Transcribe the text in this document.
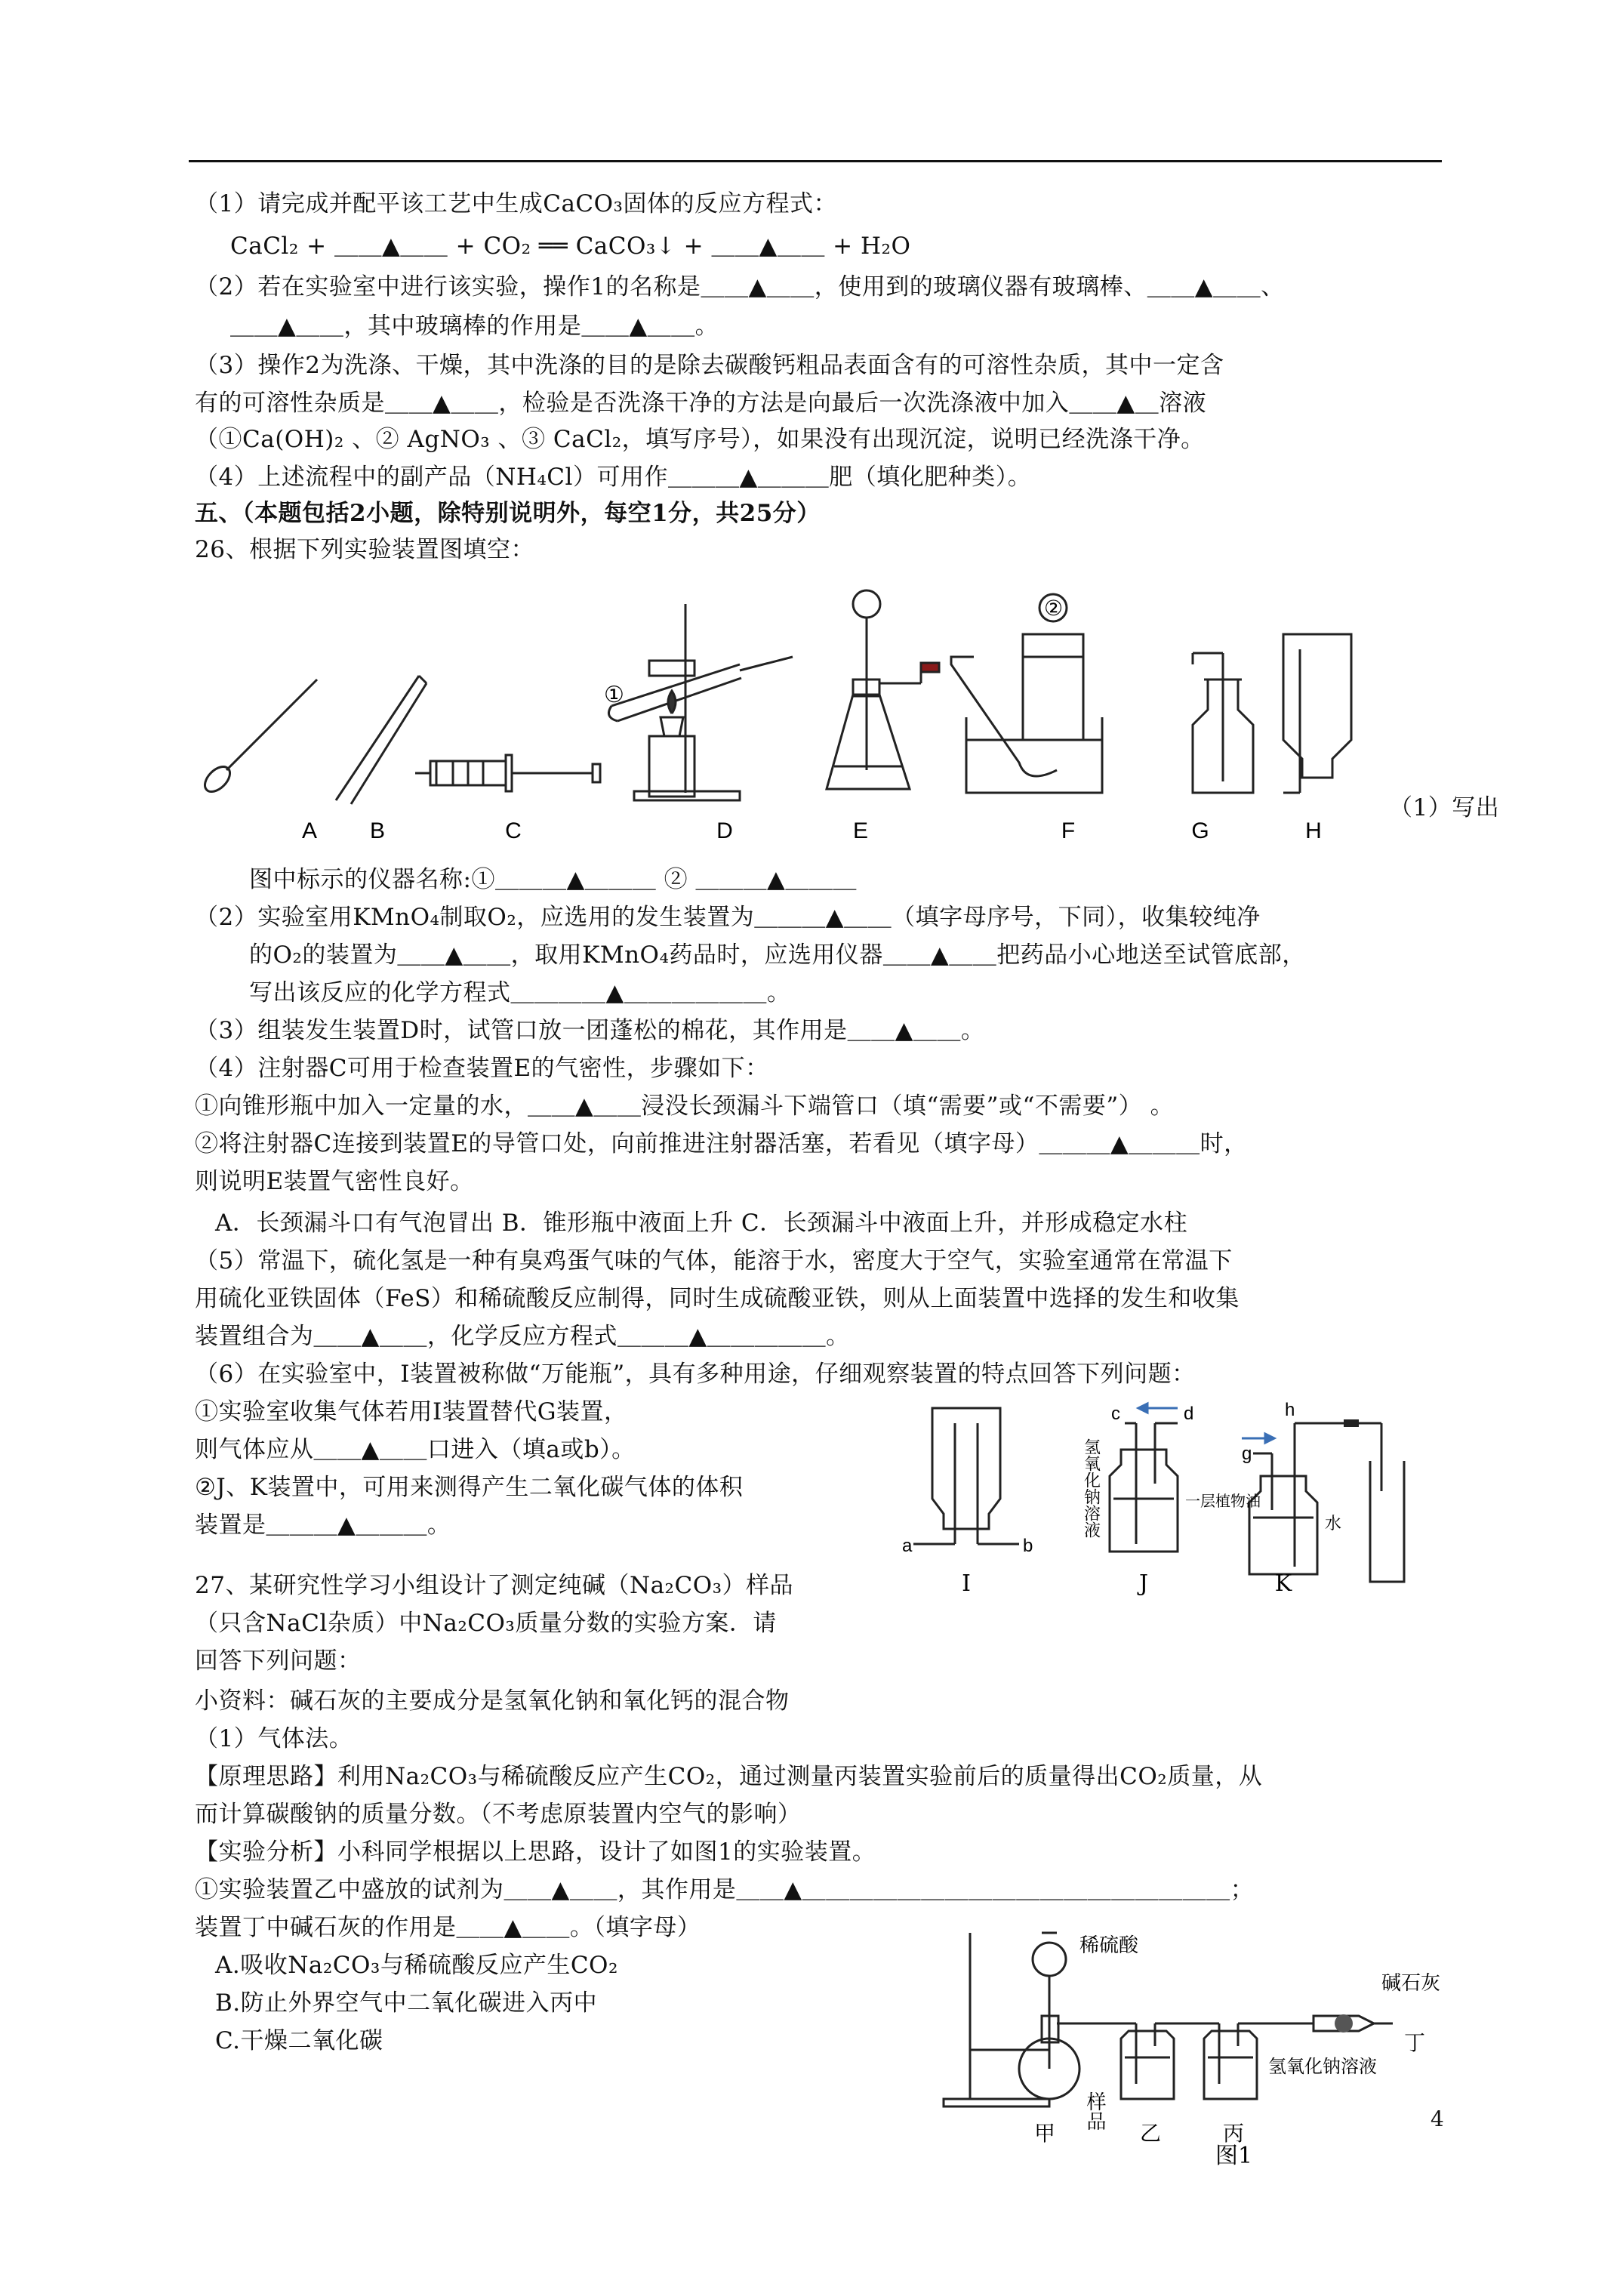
（1）请完成并配平该工艺中生成CaCO₃固体的反应方程式：
CaCl₂ + ＿＿▲＿＿ + CO₂ ══ CaCO₃↓ + ＿＿▲＿＿ + H₂O
（2）若在实验室中进行该实验，操作1的名称是＿＿▲＿＿，使用到的玻璃仪器有玻璃棒、＿＿▲＿＿、
＿＿▲＿＿，其中玻璃棒的作用是＿＿▲＿＿。
（3）操作2为洗涤、干燥，其中洗涤的目的是除去碳酸钙粗品表面含有的可溶性杂质，其中一定含
有的可溶性杂质是＿＿▲＿＿，检验是否洗涤干净的方法是向最后一次洗涤液中加入＿＿▲＿溶液
（①Ca(OH)₂ 、② AgNO₃ 、③ CaCl₂，填写序号），如果没有出现沉淀，说明已经洗涤干净。
（4）上述流程中的副产品（NH₄Cl）可用作＿＿＿▲＿＿＿肥（填化肥种类）。
五、（本题包括2小题，除特别说明外，每空1分，共25分）
26、根据下列实验装置图填空：
A B	C	D	E	F	G	H
①
②
（1）写出
图中标示的仪器名称:①＿＿＿▲＿＿＿ ② ＿＿＿▲＿＿＿
（2）实验室用KMnO₄制取O₂，应选用的发生装置为＿＿＿▲＿＿（填字母序号，下同），收集较纯净
的O₂的装置为＿＿▲＿＿，取用KMnO₄药品时，应选用仪器＿＿▲＿＿把药品小心地送至试管底部，
写出该反应的化学方程式＿＿＿＿▲＿＿＿＿＿＿。
（3）组装发生装置D时，试管口放一团蓬松的棉花，其作用是＿＿▲＿＿。
（4）注射器C可用于检查装置E的气密性，步骤如下：
①向锥形瓶中加入一定量的水，＿＿▲＿＿浸没长颈漏斗下端管口（填“需要”或“不需要”） 。
②将注射器C连接到装置E的导管口处，向前推进注射器活塞，若看见（填字母）＿＿＿▲＿＿＿时，
则说明E装置气密性良好。
A．长颈漏斗口有气泡冒出 B．锥形瓶中液面上升 C．长颈漏斗中液面上升，并形成稳定水柱
（5）常温下，硫化氢是一种有臭鸡蛋气味的气体，能溶于水，密度大于空气，实验室通常在常温下
用硫化亚铁固体（FeS）和稀硫酸反应制得，同时生成硫酸亚铁，则从上面装置中选择的发生和收集
装置组合为＿＿▲＿＿，化学反应方程式＿＿＿▲＿＿＿＿＿。
（6）在实验室中，I装置被称做“万能瓶”，具有多种用途，仔细观察装置的特点回答下列问题：
①实验室收集气体若用I装置替代G装置，
则气体应从＿＿▲＿＿口进入（填a或b）。
②J、K装置中，可用来测得产生二氧化碳气体的体积
装置是＿＿＿▲＿＿＿。
27、某研究性学习小组设计了测定纯碱（Na₂CO₃）样品
（只含NaCl杂质）中Na₂CO₃质量分数的实验方案．请
回答下列问题：
a	b
c	d
g
h
氢氧化钠溶液	一层植物油
水
I	J	K
小资料：碱石灰的主要成分是氢氧化钠和氧化钙的混合物
（1）气体法。
【原理思路】利用Na₂CO₃与稀硫酸反应产生CO₂，通过测量丙装置实验前后的质量得出CO₂质量，从
而计算碳酸钠的质量分数。（不考虑原装置内空气的影响）
【实验分析】小科同学根据以上思路，设计了如图1的实验装置。
①实验装置乙中盛放的试剂为＿＿▲＿＿，其作用是＿＿▲＿＿＿＿＿＿＿＿＿＿＿＿＿＿＿＿＿＿；
装置丁中碱石灰的作用是＿＿▲＿＿。（填字母）
A.吸收Na₂CO₃与稀硫酸反应产生CO₂
B.防止外界空气中二氧化碳进入丙中
C.干燥二氧化碳
稀硫酸
碱石灰
样品
氢氧化钠溶液
丁
甲	乙	丙
图1
4
